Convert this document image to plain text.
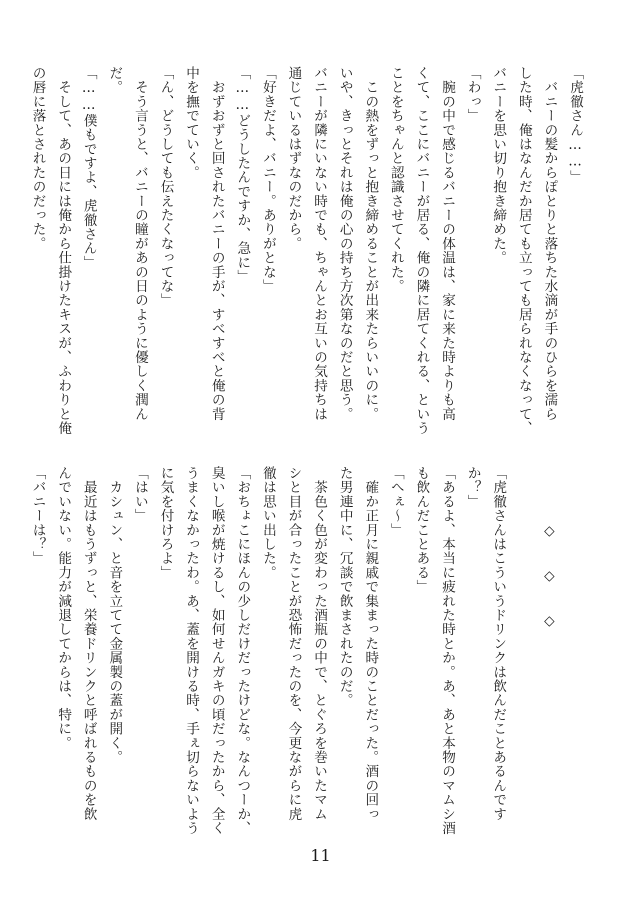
「虎徹さん……」
　バニーの髪からぽとりと落ちた水滴が手のひらを濡ら
した時、俺はなんだか居ても立っても居られなくなって、
バニーを思い切り抱き締めた。
「わっ」
　腕の中で感じるバニーの体温は、家に来た時よりも高
くて、ここにバニーが居る、俺の隣に居てくれる、という
ことをちゃんと認識させてくれた。
　この熱をずっと抱き締めることが出来たらいいのに。
いや、きっとそれは俺の心の持ち方次第なのだと思う。
バニーが隣にいない時でも、ちゃんとお互いの気持ちは
通じているはずなのだから。
「好きだよ、バニー。ありがとな」
「……どうしたんですか、急に」
　おずおずと回されたバニーの手が、すべすべと俺の背
中を撫でていく。
「ん、どうしても伝えたくなってな」
　そう言うと、バニーの瞳があの日のように優しく潤ん
だ。
「……僕もですよ、虎徹さん」
　そして、あの日には俺から仕掛けたキスが、ふわりと俺
の唇に落とされたのだった。

　　　　◇　　◇　　◇

「虎徹さんはこういうドリンクは飲んだことあるんです
か？」
「あるよ、本当に疲れた時とか。あ、あと本物のマムシ酒
も飲んだことある」
「へぇ～」
　確か正月に親戚で集まった時のことだった。酒の回っ
た男連中に、冗談で飲まされたのだ。
　茶色く色が変わった酒瓶の中で、とぐろを巻いたマム
シと目が合ったことが恐怖だったのを、今更ながらに虎
徹は思い出した。
「おちょこにほんの少しだけだったけどな。なんつーか、
臭いし喉が焼けるし、如何せんガキの頃だったから、全く
うまくなかったわ。あ、蓋を開ける時、手ぇ切らないよう
に気を付けろよ」
「はい」
　カシュン、と音を立てて金属製の蓋が開く。
　最近はもうずっと、栄養ドリンクと呼ばれるものを飲
んでいない。能力が減退してからは、特に。
「バニーは？」
11
